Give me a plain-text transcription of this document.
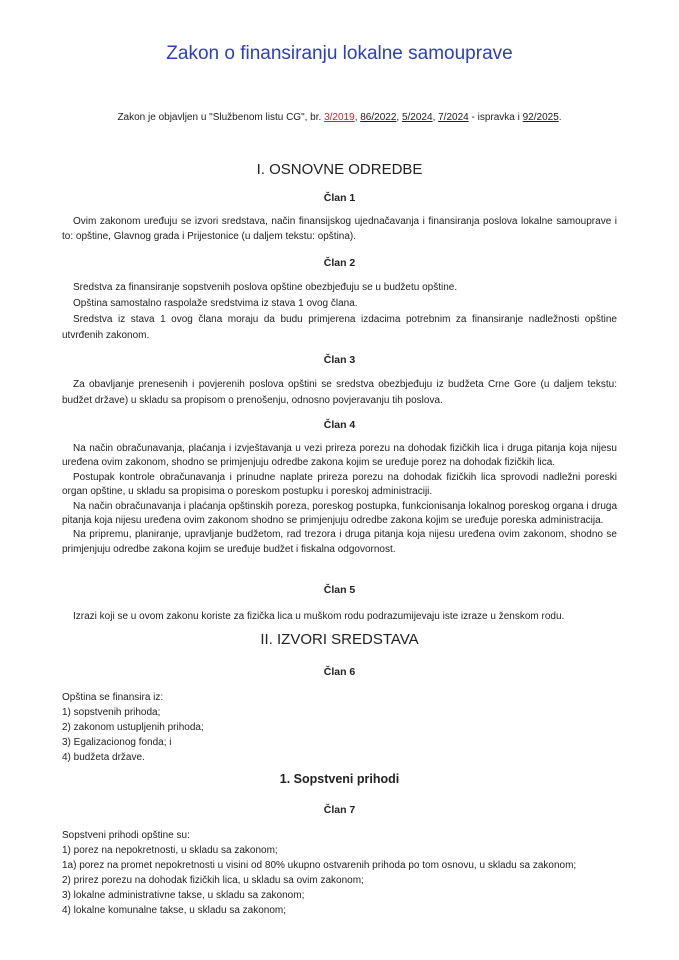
Zakon o finansiranju lokalne samouprave
Zakon je objavljen u "Službenom listu CG", br. 3/2019, 86/2022, 5/2024, 7/2024 - ispravka i 92/2025.
I. OSNOVNE ODREDBE
Član 1

Ovim zakonom uređuju se izvori sredstava, način finansijskog ujednačavanja i finansiranja poslova lokalne samouprave i to: opštine, Glavnog grada i Prijestonice (u daljem tekstu: opština).

Član 2

Sredstva za finansiranje sopstvenih poslova opštine obezbjeđuju se u budžetu opštine.

Opština samostalno raspolaže sredstvima iz stava 1 ovog člana.

Sredstva iz stava 1 ovog člana moraju da budu primjerena izdacima potrebnim za finansiranje nadležnosti opštine utvrđenih zakonom.

Član 3

Za obavljanje prenesenih i povjerenih poslova opštini se sredstva obezbjeđuju iz budžeta Crne Gore (u daljem tekstu: budžet države) u skladu sa propisom o prenošenju, odnosno povjeravanju tih poslova.

Član 4

Na način obračunavanja, plaćanja i izvještavanja u vezi prireza porezu na dohodak fizičkih lica i druga pitanja koja nijesu uređena ovim zakonom, shodno se primjenjuju odredbe zakona kojim se uređuje porez na dohodak fizičkih lica.

Postupak kontrole obračunavanja i prinudne naplate prireza porezu na dohodak fizičkih lica sprovodi nadležni poreski organ opštine, u skladu sa propisima o poreskom postupku i poreskoj administraciji.

Na način obračunavanja i plaćanja opštinskih poreza, poreskog postupka, funkcionisanja lokalnog poreskog organa i druga pitanja koja nijesu uređena ovim zakonom shodno se primjenjuju odredbe zakona kojim se uređuje poreska administracija.

Na pripremu, planiranje, upravljanje budžetom, rad trezora i druga pitanja koja nijesu uređena ovim zakonom, shodno se primjenjuju odredbe zakona kojim se uređuje budžet i fiskalna odgovornost.

Član 5

Izrazi koji se u ovom zakonu koriste za fizička lica u muškom rodu podrazumijevaju iste izraze u ženskom rodu.

II. IZVORI SREDSTAVA
Član 6

Opština se finansira iz:

1) sopstvenih prihoda;

2) zakonom ustupljenih prihoda;

3) Egalizacionog fonda; i

4) budžeta države.

1. Sopstveni prihodi
Član 7

Sopstveni prihodi opštine su:

1) porez na nepokretnosti, u skladu sa zakonom;

1a) porez na promet nepokretnosti u visini od 80% ukupno ostvarenih prihoda po tom osnovu, u skladu sa zakonom;

2) prirez porezu na dohodak fizičkih lica, u skladu sa ovim zakonom;

3) lokalne administrativne takse, u skladu sa zakonom;

4) lokalne komunalne takse, u skladu sa zakonom;
